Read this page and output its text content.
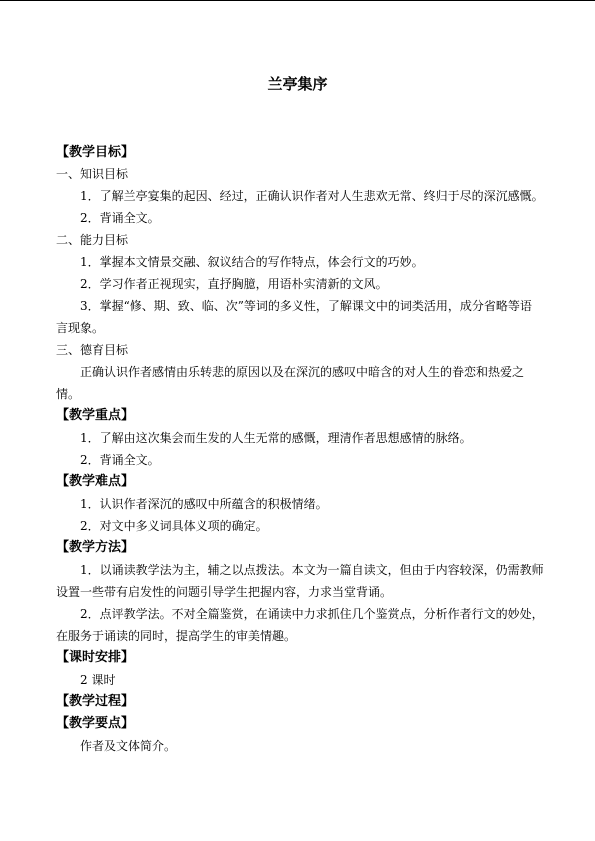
兰亭集序
【教学目标】
一、知识目标
1．了解兰亭宴集的起因、经过，正确认识作者对人生悲欢无常、终归于尽的深沉感慨。
2．背诵全文。
二、能力目标
1．掌握本文情景交融、叙议结合的写作特点，体会行文的巧妙。
2．学习作者正视现实，直抒胸臆，用语朴实清新的文风。
3．掌握“修、期、致、临、次”等词的多义性，了解课文中的词类活用，成分省略等语
言现象。
三、德育目标
正确认识作者感情由乐转悲的原因以及在深沉的感叹中暗含的对人生的眷恋和热爱之
情。
【教学重点】
1．了解由这次集会而生发的人生无常的感慨，理清作者思想感情的脉络。
2．背诵全文。
【教学难点】
1．认识作者深沉的感叹中所蕴含的积极情绪。
2．对文中多义词具体义项的确定。
【教学方法】
1．以诵读教学法为主，辅之以点拨法。本文为一篇自读文，但由于内容较深，仍需教师
设置一些带有启发性的问题引导学生把握内容，力求当堂背诵。
2．点评教学法。不对全篇鉴赏，在诵读中力求抓住几个鉴赏点，分析作者行文的妙处，
在服务于诵读的同时，提高学生的审美情趣。
【课时安排】
2 课时
【教学过程】
【教学要点】
作者及文体简介。
